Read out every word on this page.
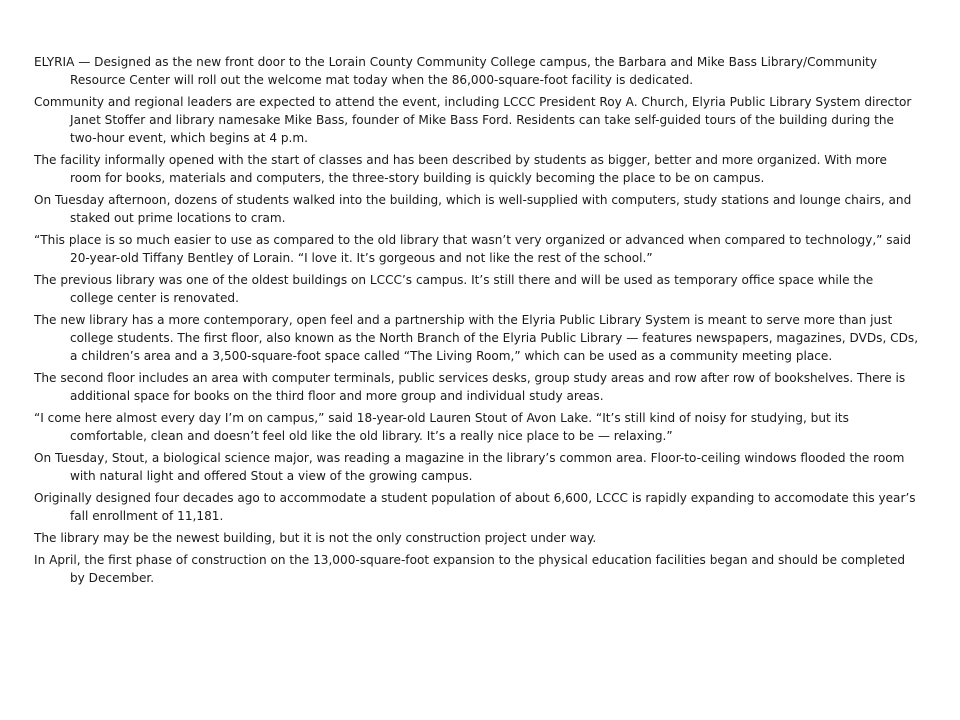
ELYRIA — Designed as the new front door to the Lorain County Community College campus, the Barbara and Mike Bass Library/Community Resource Center will roll out the welcome mat today when the 86,000-square-foot facility is dedicated.

Community and regional leaders are expected to attend the event, including LCCC President Roy A. Church, Elyria Public Library System director Janet Stoffer and library namesake Mike Bass, founder of Mike Bass Ford. Residents can take self-guided tours of the building during the two-hour event, which begins at 4 p.m.

The facility informally opened with the start of classes and has been described by students as bigger, better and more organized. With more room for books, materials and computers, the three-story building is quickly becoming the place to be on campus.

On Tuesday afternoon, dozens of students walked into the building, which is well-supplied with computers, study stations and lounge chairs, and staked out prime locations to cram.

“This place is so much easier to use as compared to the old library that wasn’t very organized or advanced when compared to technology,” said 20-year-old Tiffany Bentley of Lorain. “I love it. It’s gorgeous and not like the rest of the school.”

The previous library was one of the oldest buildings on LCCC’s campus. It’s still there and will be used as temporary office space while the college center is renovated.

The new library has a more contemporary, open feel and a partnership with the Elyria Public Library System is meant to serve more than just college students. The first floor, also known as the North Branch of the Elyria Public Library — features newspapers, magazines, DVDs, CDs, a children’s area and a 3,500-square-foot space called “The Living Room,” which can be used as a community meeting place.

The second floor includes an area with computer terminals, public services desks, group study areas and row after row of bookshelves. There is additional space for books on the third floor and more group and individual study areas.

“I come here almost every day I’m on campus,” said 18-year-old Lauren Stout of Avon Lake. “It’s still kind of noisy for studying, but its comfortable, clean and doesn’t feel old like the old library. It’s a really nice place to be — relaxing.”

On Tuesday, Stout, a biological science major, was reading a magazine in the library’s common area. Floor-to-ceiling windows flooded the room with natural light and offered Stout a view of the growing campus.

Originally designed four decades ago to accommodate a student population of about 6,600, LCCC is rapidly expanding to accomodate this year’s fall enrollment of 11,181.

The library may be the newest building, but it is not the only construction project under way.

In April, the first phase of construction on the 13,000-square-foot expansion to the physical education facilities began and should be completed by December.
